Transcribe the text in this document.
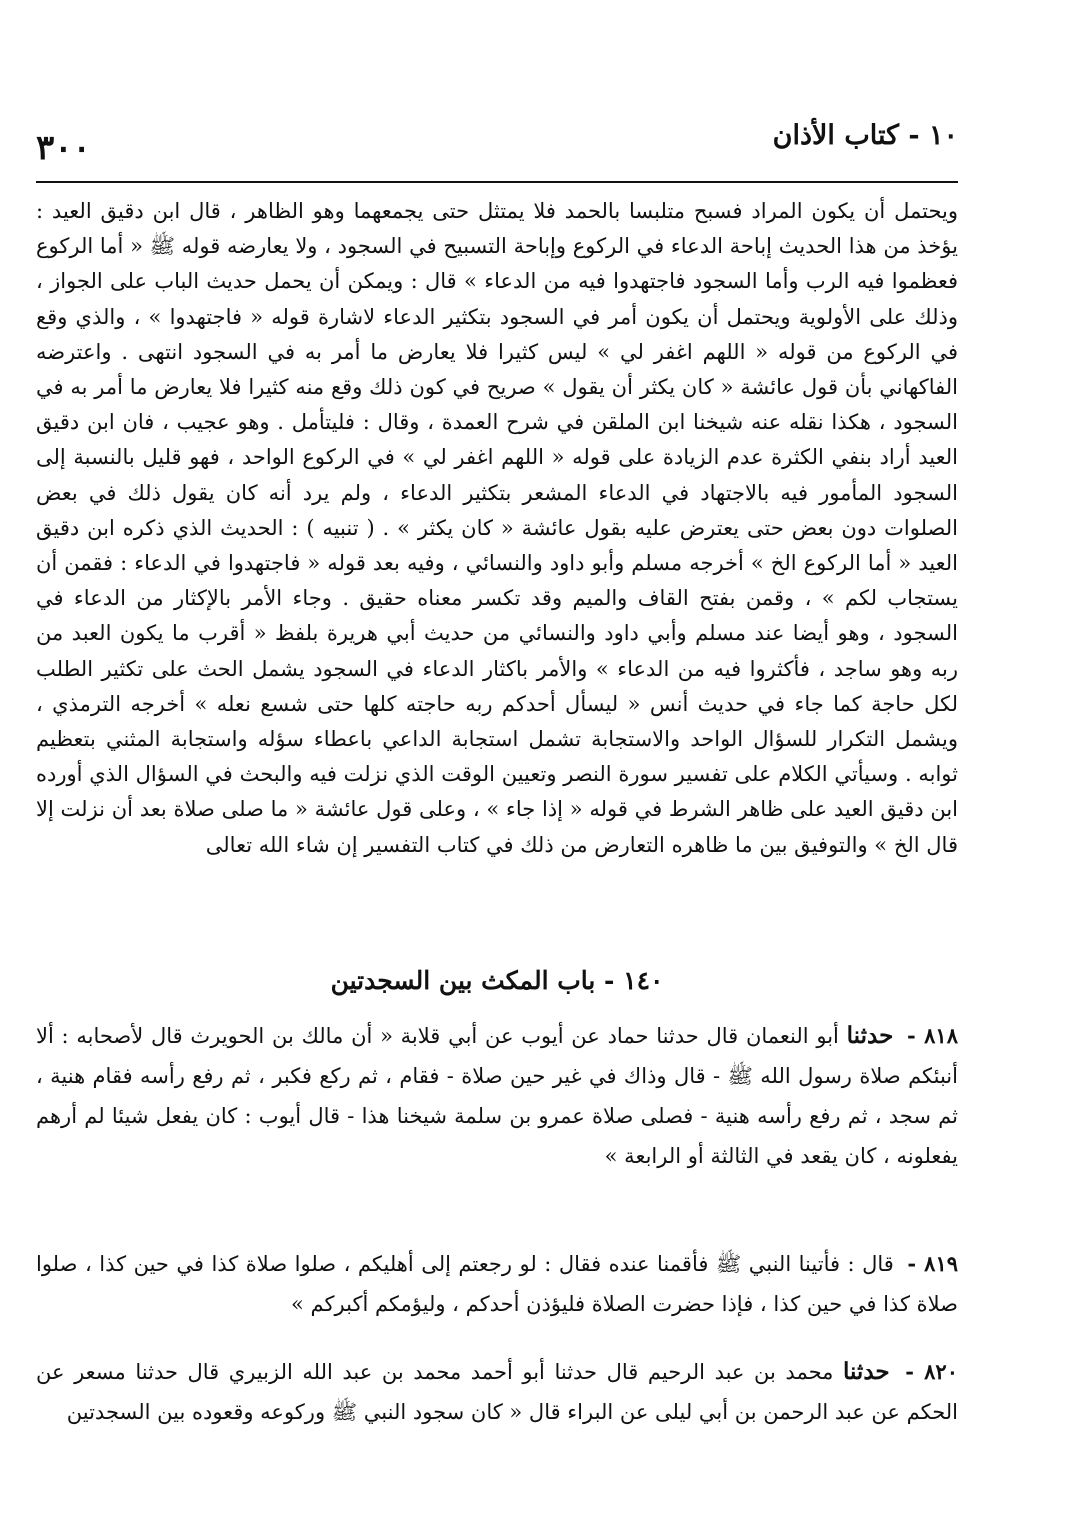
٣٠٠	١٠ - كتاب الأذان

ويحتمل أن يكون المراد فسبح متلبسا بالحمد فلا يمتثل حتى يجمعهما وهو الظاهر ، قال ابن دقيق العيد : يؤخذ من هذا الحديث إباحة الدعاء في الركوع وإباحة التسبيح في السجود ، ولا يعارضه قوله ﷺ « أما الركوع فعظموا فيه الرب وأما السجود فاجتهدوا فيه من الدعاء » قال : ويمكن أن يحمل حديث الباب على الجواز ، وذلك على الأولوية ويحتمل أن يكون أمر في السجود بتكثير الدعاء لاشارة قوله « فاجتهدوا » ، والذي وقع في الركوع من قوله « اللهم اغفر لي » ليس كثيرا فلا يعارض ما أمر به في السجود انتهى . واعترضه الفاكهاني بأن قول عائشة « كان يكثر أن يقول » صريح في كون ذلك وقع منه كثيرا فلا يعارض ما أمر به في السجود ، هكذا نقله عنه شيخنا ابن الملقن في شرح العمدة ، وقال : فليتأمل . وهو عجيب ، فان ابن دقيق العيد أراد بنفي الكثرة عدم الزيادة على قوله « اللهم اغفر لي » في الركوع الواحد ، فهو قليل بالنسبة إلى السجود المأمور فيه بالاجتهاد في الدعاء المشعر بتكثير الدعاء ، ولم يرد أنه كان يقول ذلك في بعض الصلوات دون بعض حتى يعترض عليه بقول عائشة « كان يكثر » . ( تنبيه ) : الحديث الذي ذكره ابن دقيق العيد « أما الركوع الخ » أخرجه مسلم وأبو داود والنسائي ، وفيه بعد قوله « فاجتهدوا في الدعاء : فقمن أن يستجاب لكم » ، وقمن بفتح القاف والميم وقد تكسر معناه حقيق . وجاء الأمر بالإكثار من الدعاء في السجود ، وهو أيضا عند مسلم وأبي داود والنسائي من حديث أبي هريرة بلفظ « أقرب ما يكون العبد من ربه وهو ساجد ، فأكثروا فيه من الدعاء » والأمر باكثار الدعاء في السجود يشمل الحث على تكثير الطلب لكل حاجة كما جاء في حديث أنس « ليسأل أحدكم ربه حاجته كلها حتى شسع نعله » أخرجه الترمذي ، ويشمل التكرار للسؤال الواحد والاستجابة تشمل استجابة الداعي باعطاء سؤله واستجابة المثني بتعظيم ثوابه . وسيأتي الكلام على تفسير سورة النصر وتعيين الوقت الذي نزلت فيه والبحث في السؤال الذي أورده ابن دقيق العيد على ظاهر الشرط في قوله « إذا جاء » ، وعلى قول عائشة « ما صلى صلاة بعد أن نزلت إلا قال الخ » والتوفيق بين ما ظاهره التعارض من ذلك في كتاب التفسير إن شاء الله تعالى

١٤٠ - باب المكث بين السجدتين
٨١٨ - حدثنا أبو النعمان قال حدثنا حماد عن أيوب عن أبي قلابة « أن مالك بن الحويرث قال لأصحابه : ألا أنبئكم صلاة رسول الله ﷺ - قال وذاك في غير حين صلاة - فقام ، ثم ركع فكبر ، ثم رفع رأسه فقام هنية ، ثم سجد ، ثم رفع رأسه هنية - فصلى صلاة عمرو بن سلمة شيخنا هذا - قال أيوب : كان يفعل شيئا لم أرهم يفعلونه ، كان يقعد في الثالثة أو الرابعة »
٨١٩ - قال : فأتينا النبي ﷺ فأقمنا عنده فقال : لو رجعتم إلى أهليكم ، صلوا صلاة كذا في حين كذا ، صلوا صلاة كذا في حين كذا ، فإذا حضرت الصلاة فليؤذن أحدكم ، وليؤمكم أكبركم »
٨٢٠ - حدثنا محمد بن عبد الرحيم قال حدثنا أبو أحمد محمد بن عبد الله الزبيري قال حدثنا مسعر عن الحكم عن عبد الرحمن بن أبي ليلى عن البراء قال « كان سجود النبي ﷺ وركوعه وقعوده بين السجدتين
